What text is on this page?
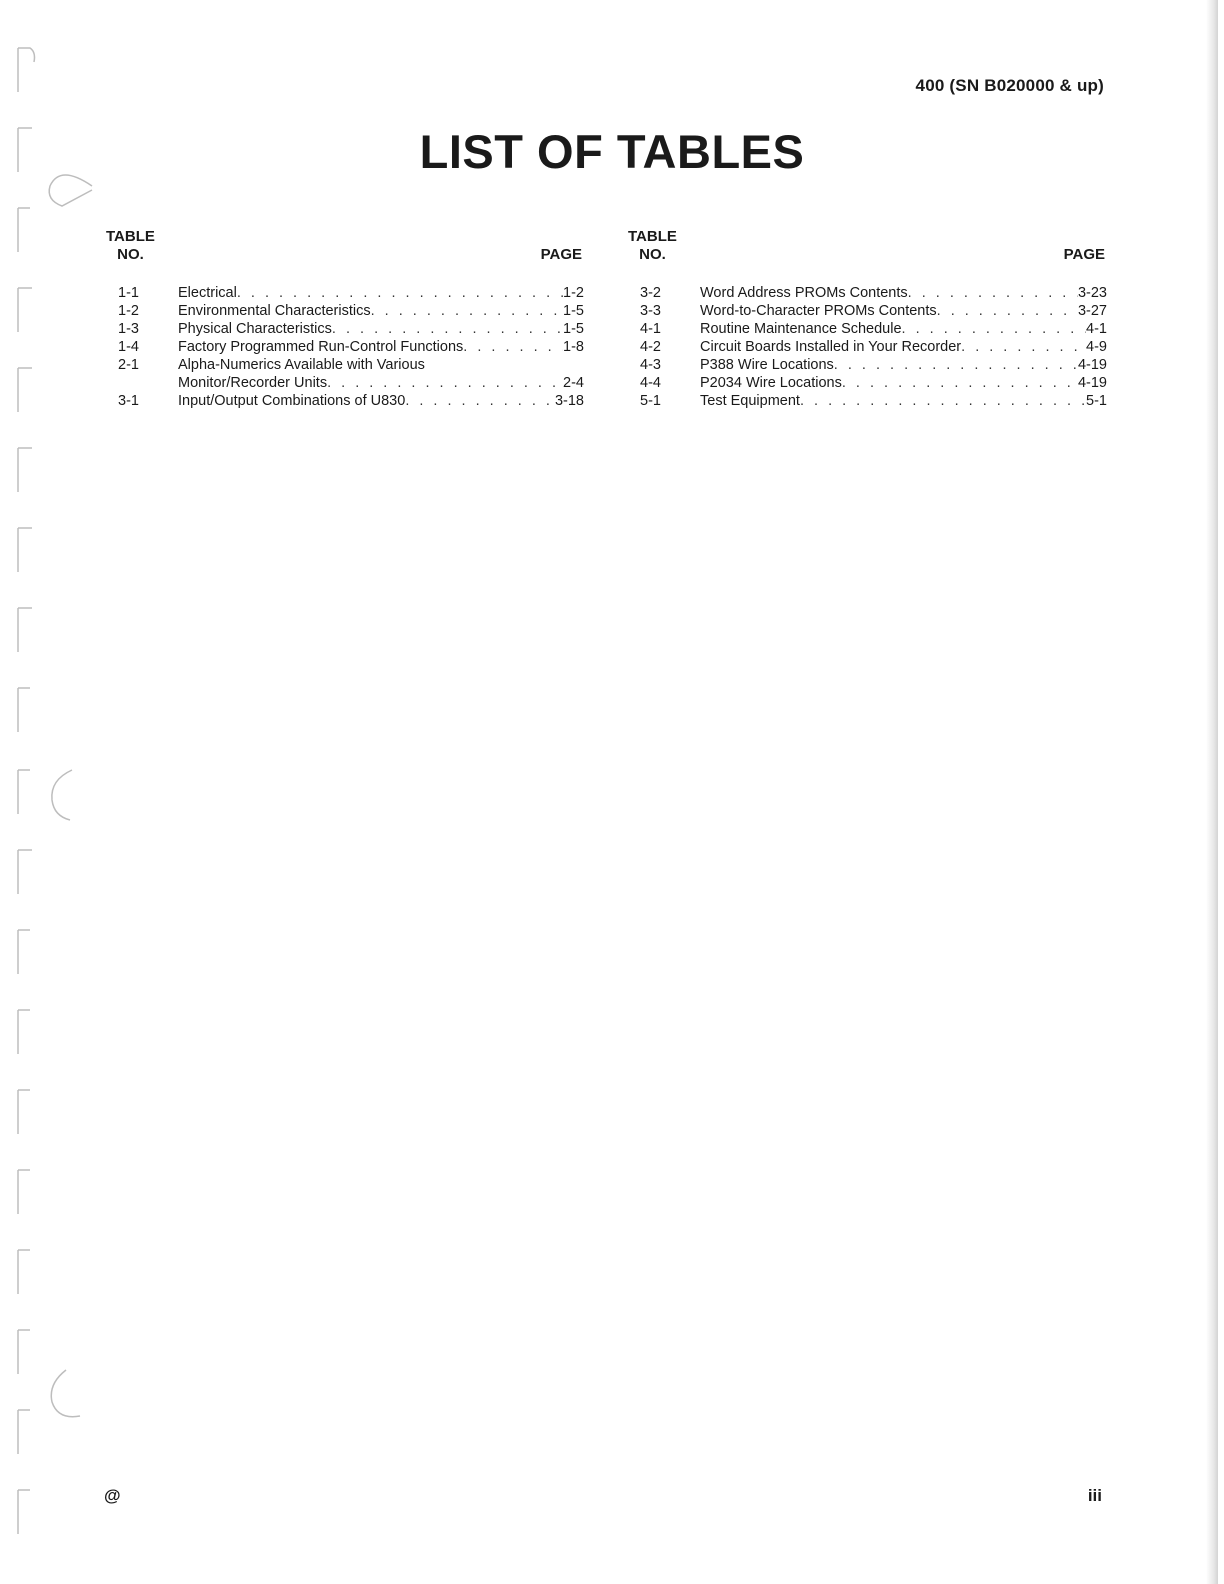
400 (SN B020000 & up)
LIST OF TABLES
TABLE
NO.	PAGE
1-1	Electrical . . .	1-2
1-2	Environmental Characteristics . . .	1-5
1-3	Physical Characteristics . . .	1-5
1-4	Factory Programmed Run-Control Functions . . .	1-8
2-1	Alpha-Numerics Available with Various
Monitor/Recorder Units . . .	2-4
3-1	Input/Output Combinations of U830 . . .	3-18
TABLE
NO.	PAGE
3-2	Word Address PROMs Contents . . .	3-23
3-3	Word-to-Character PROMs Contents . . .	3-27
4-1	Routine Maintenance Schedule . . .	4-1
4-2	Circuit Boards Installed in Your Recorder . . .	4-9
4-3	P388 Wire Locations . . .	4-19
4-4	P2034 Wire Locations . . .	4-19
5-1	Test Equipment . . .	5-1
@	iii
